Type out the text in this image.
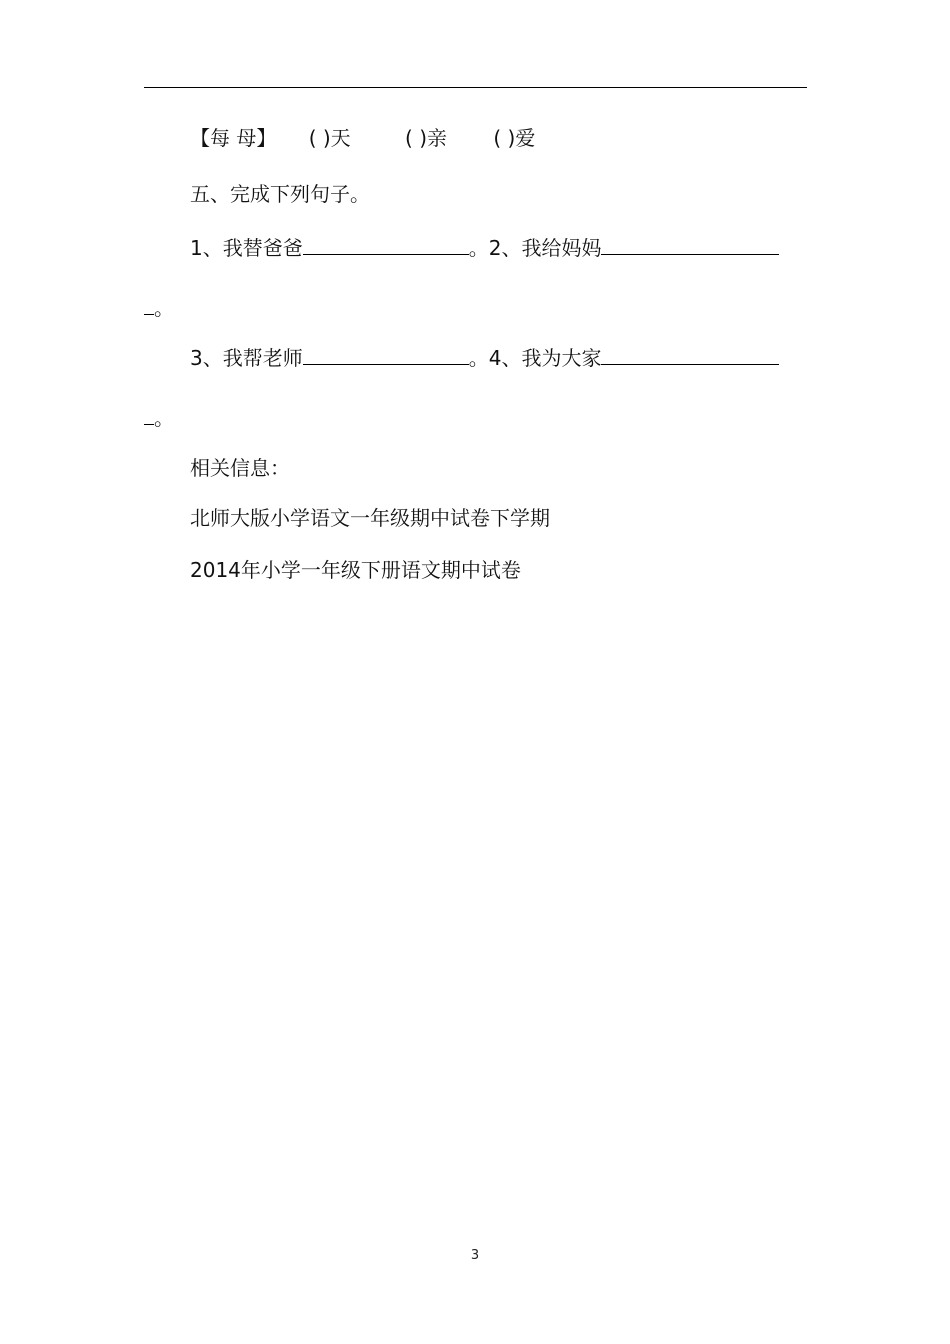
【每 母】 ( )天	( )亲 ( )爱
五、完成下列句子。
1、我替爸爸	。2、我给妈妈
。
3、我帮老师	。4、我为大家
。
相关信息：
北师大版小学语文一年级期中试卷下学期
2014年小学一年级下册语文期中试卷
3
